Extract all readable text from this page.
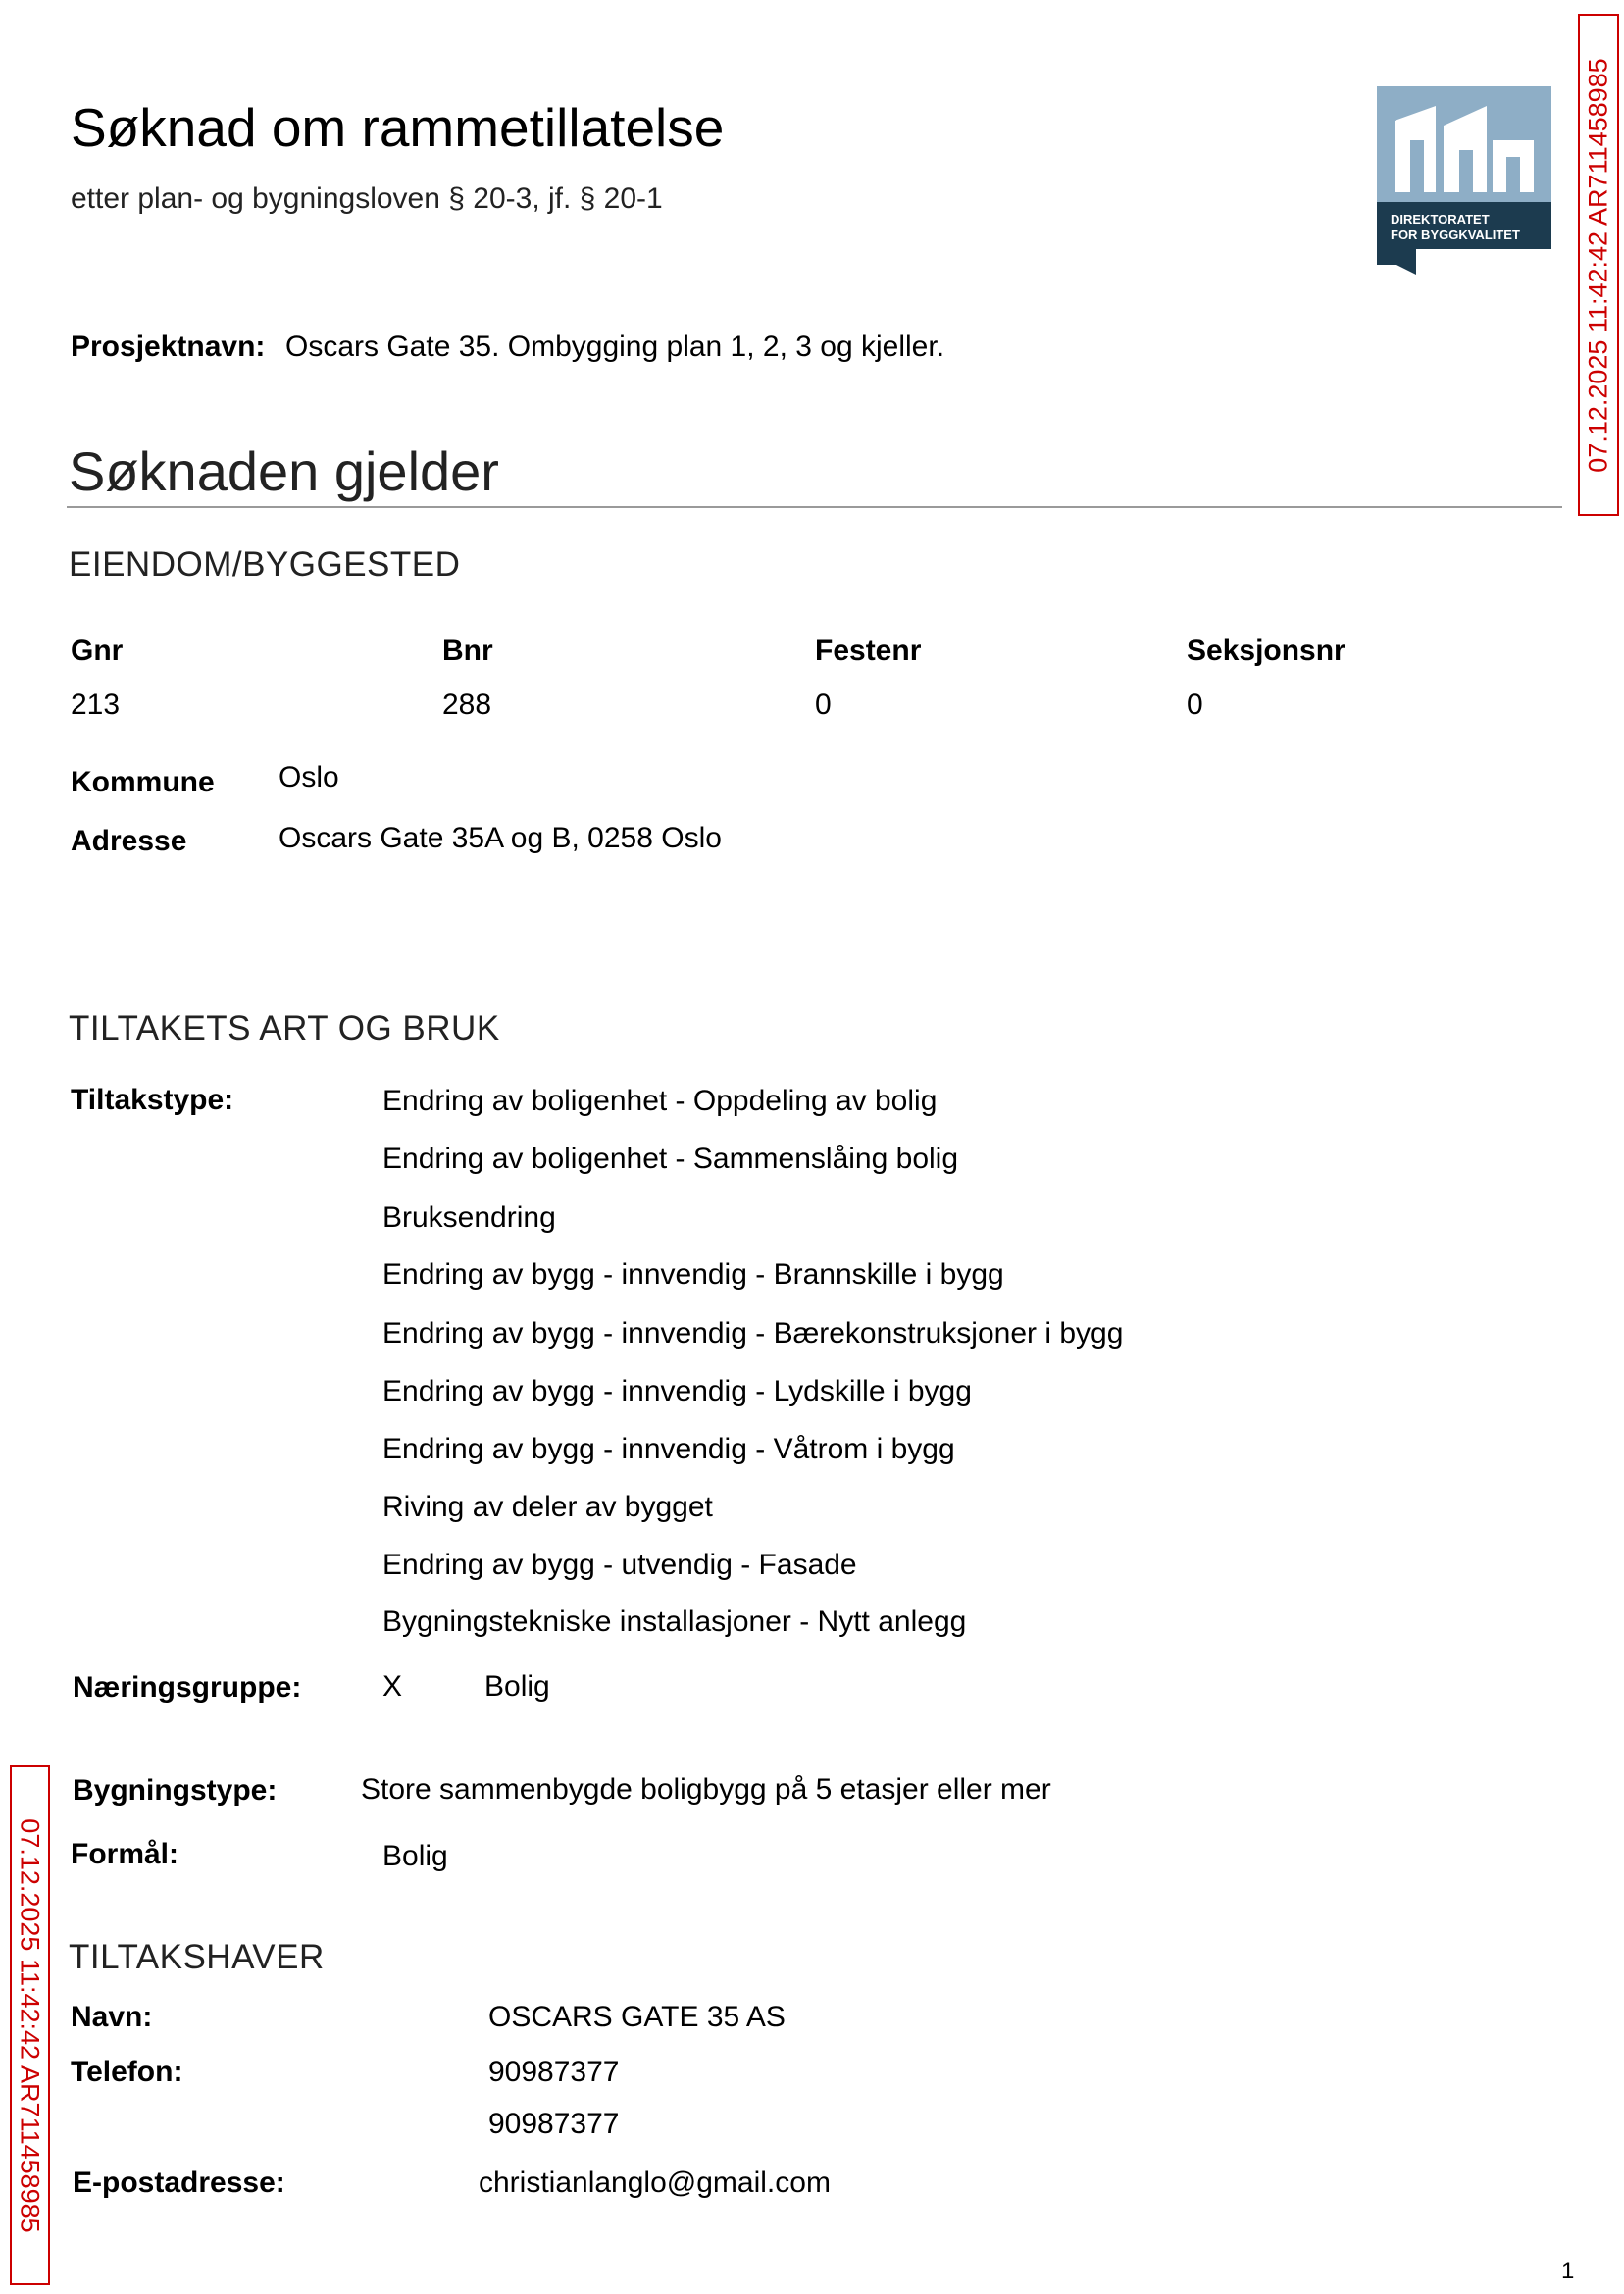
Søknad om rammetillatelse
etter plan- og bygningsloven § 20-3, jf. § 20-1
DIREKTORATET
FOR BYGGKVALITET 07.12.2025 11:42:42 AR711458985
07.12.2025 11:42:42 AR711458985
Prosjektnavn: Oscars Gate 35. Ombygging plan 1, 2, 3 og kjeller.
Søknaden gjelder
EIENDOM/BYGGESTED
Gnr	Bnr	Festenr	Seksjonsnr
213	288	0	0
Kommune Oslo
Adresse	Oscars Gate 35A og B, 0258 Oslo
TILTAKETS ART OG BRUK
Tiltakstype:	Endring av boligenhet - Oppdeling av bolig
Endring av boligenhet - Sammenslåing bolig
Bruksendring
Endring av bygg - innvendig - Brannskille i bygg
Endring av bygg - innvendig - Bærekonstruksjoner i bygg
Endring av bygg - innvendig - Lydskille i bygg
Endring av bygg - innvendig - Våtrom i bygg
Riving av deler av bygget
Endring av bygg - utvendig - Fasade
Bygningstekniske installasjoner - Nytt anlegg
Næringsgruppe:	X	Bolig
Bygningstype:	Store sammenbygde boligbygg på 5 etasjer eller mer
Formål:	Bolig
TILTAKSHAVER
Navn:	OSCARS GATE 35 AS
Telefon:	90987377
90987377
E-postadresse:	christianlanglo@gmail.com
1
